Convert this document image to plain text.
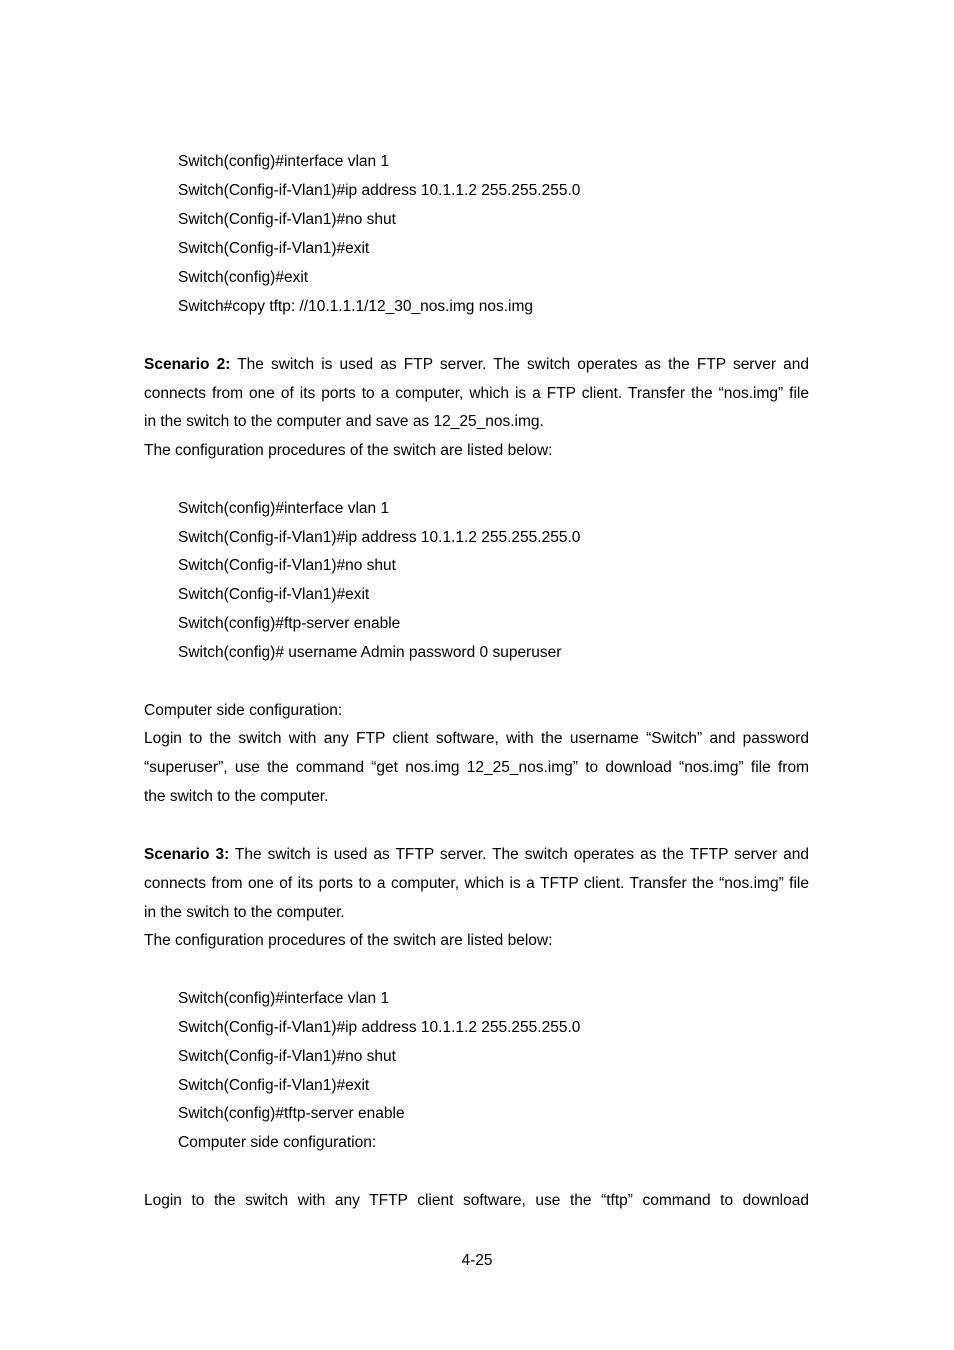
Switch(config)#interface vlan 1
Switch(Config-if-Vlan1)#ip address 10.1.1.2 255.255.255.0
Switch(Config-if-Vlan1)#no shut
Switch(Config-if-Vlan1)#exit
Switch(config)#exit
Switch#copy tftp: //10.1.1.1/12_30_nos.img nos.img
Scenario 2: The switch is used as FTP server. The switch operates as the FTP server and
connects from one of its ports to a computer, which is a FTP client. Transfer the “nos.img” file
in the switch to the computer and save as 12_25_nos.img.
The configuration procedures of the switch are listed below:
Switch(config)#interface vlan 1
Switch(Config-if-Vlan1)#ip address 10.1.1.2 255.255.255.0
Switch(Config-if-Vlan1)#no shut
Switch(Config-if-Vlan1)#exit
Switch(config)#ftp-server enable
Switch(config)# username Admin password 0 superuser
Computer side configuration:
Login to the switch with any FTP client software, with the username “Switch” and password
“superuser”, use the command “get nos.img 12_25_nos.img” to download “nos.img” file from
the switch to the computer.
Scenario 3: The switch is used as TFTP server. The switch operates as the TFTP server and
connects from one of its ports to a computer, which is a TFTP client. Transfer the “nos.img” file
in the switch to the computer.
The configuration procedures of the switch are listed below:
Switch(config)#interface vlan 1
Switch(Config-if-Vlan1)#ip address 10.1.1.2 255.255.255.0
Switch(Config-if-Vlan1)#no shut
Switch(Config-if-Vlan1)#exit
Switch(config)#tftp-server enable
Computer side configuration:
Login to the switch with any TFTP client software, use the “tftp” command to download
4-25
